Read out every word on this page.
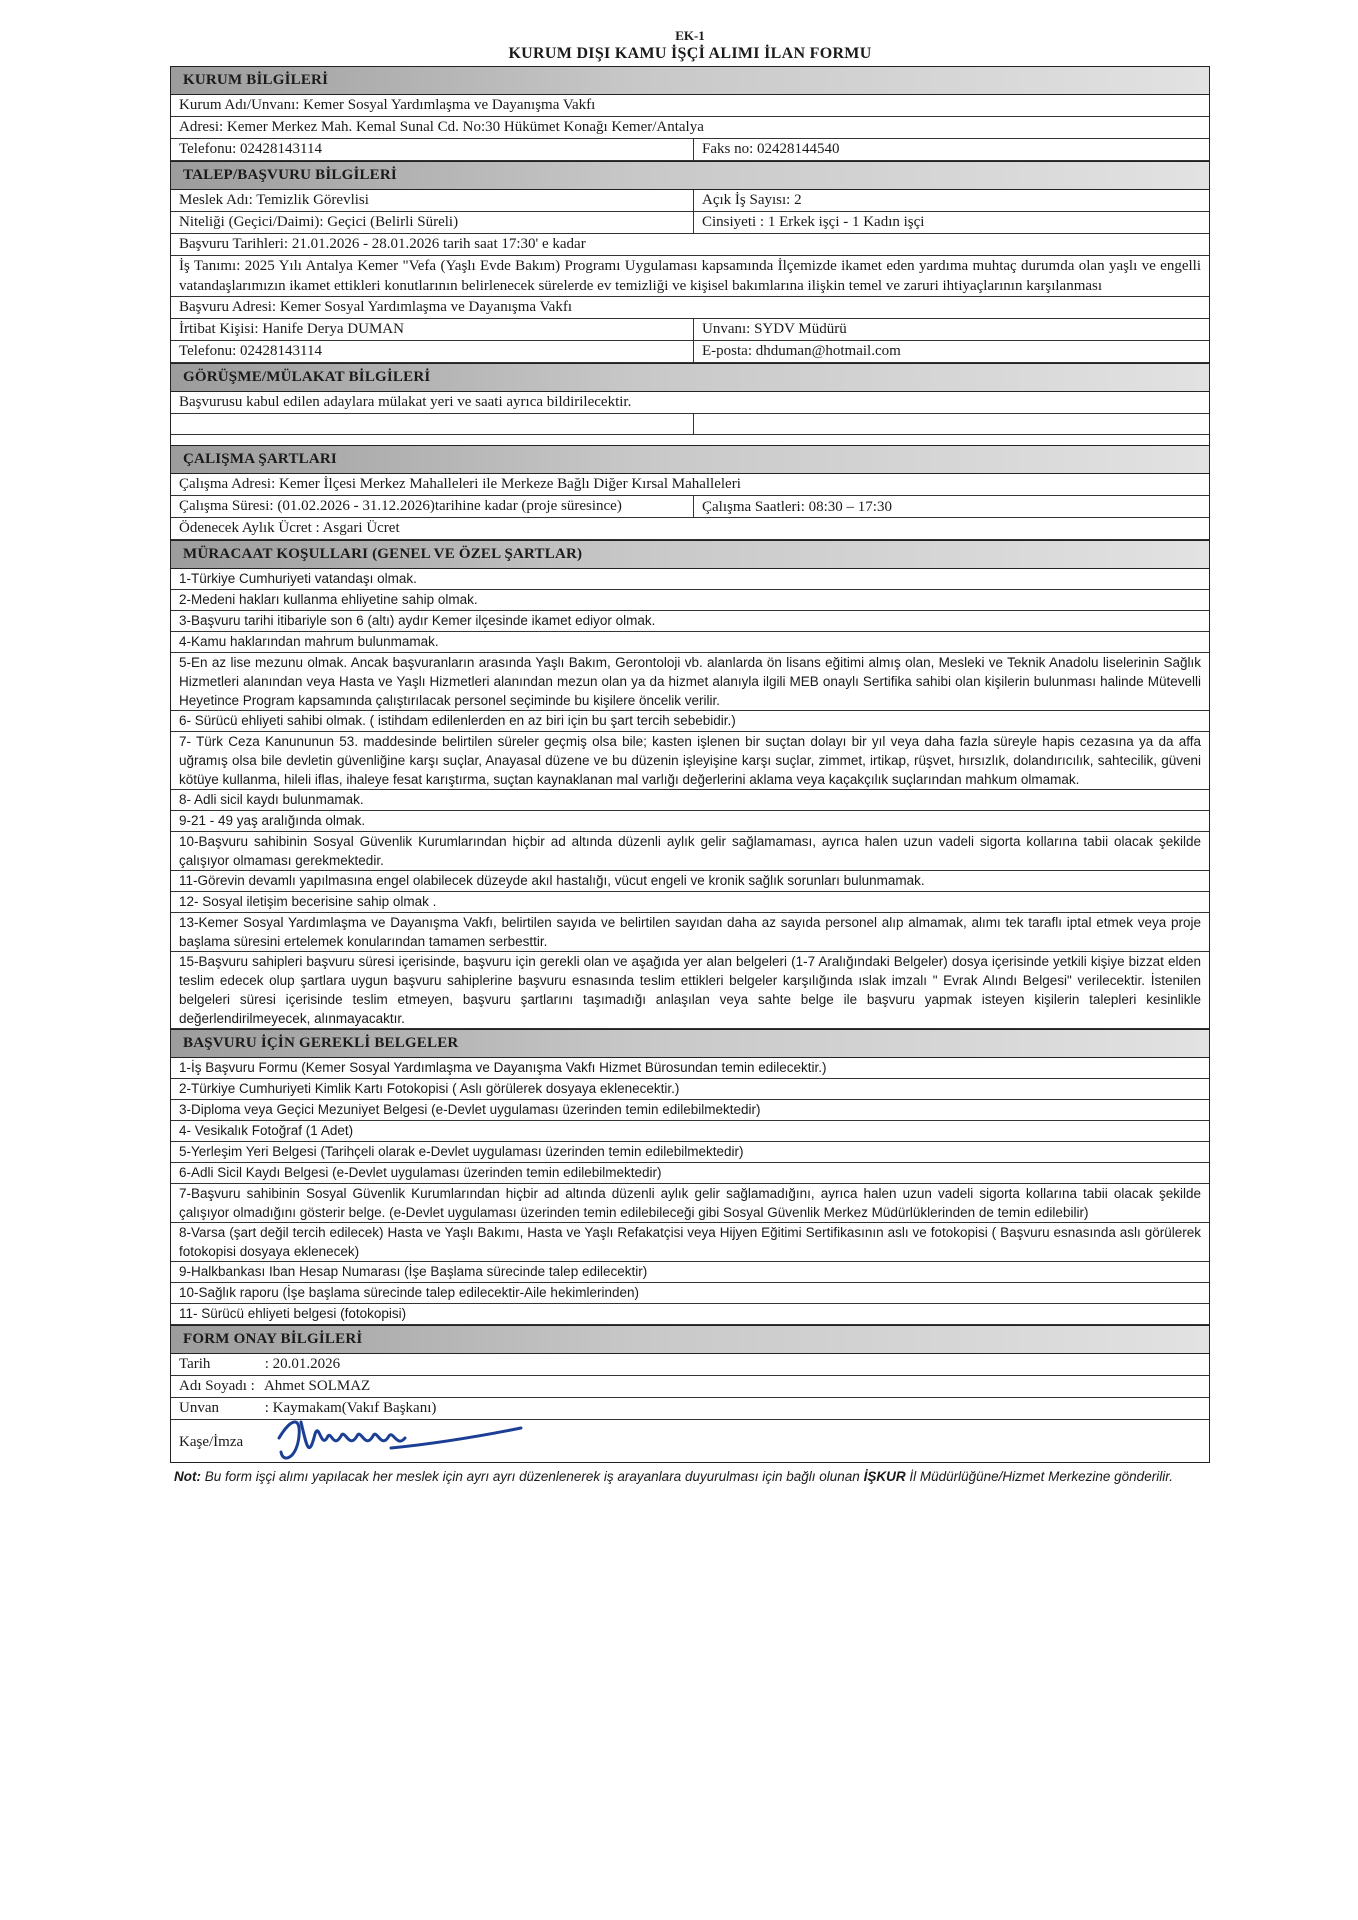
EK-1
KURUM DIŞI KAMU İŞÇİ ALIMI İLAN FORMU
KURUM BİLGİLERİ
Kurum Adı/Unvanı: Kemer Sosyal Yardımlaşma ve Dayanışma Vakfı
Adresi: Kemer Merkez Mah. Kemal Sunal Cd. No:30 Hükümet Konağı Kemer/Antalya
Telefonu: 02428143114	Faks no: 02428144540
TALEP/BAŞVURU BİLGİLERİ
Meslek Adı: Temizlik Görevlisi	Açık İş Sayısı: 2
Niteliği (Geçici/Daimi): Geçici (Belirli Süreli)	Cinsiyeti : 1 Erkek işçi - 1 Kadın işçi
Başvuru Tarihleri: 21.01.2026 - 28.01.2026 tarih saat 17:30' e kadar
İş Tanımı: 2025 Yılı Antalya Kemer "Vefa (Yaşlı Evde Bakım) Programı Uygulaması kapsamında İlçemizde ikamet eden yardıma muhtaç durumda olan yaşlı ve engelli vatandaşlarımızın ikamet ettikleri konutlarının belirlenecek sürelerde ev temizliği ve kişisel bakımlarına ilişkin temel ve zaruri ihtiyaçlarının karşılanması
Başvuru Adresi: Kemer Sosyal Yardımlaşma ve Dayanışma Vakfı
İrtibat Kişisi: Hanife Derya DUMAN	Unvanı: SYDV Müdürü
Telefonu: 02428143114	E-posta: dhduman@hotmail.com
GÖRÜŞME/MÜLAKAT BİLGİLERİ
Başvurusu kabul edilen adaylara mülakat yeri ve saati ayrıca bildirilecektir.
ÇALIŞMA ŞARTLARI
Çalışma Adresi: Kemer İlçesi Merkez Mahalleleri ile Merkeze Bağlı Diğer Kırsal Mahalleleri
Çalışma Süresi: (01.02.2026 - 31.12.2026)tarihine kadar (proje süresince)	Çalışma Saatleri: 08:30 – 17:30
Ödenecek Aylık Ücret : Asgari Ücret
MÜRACAAT KOŞULLARI (GENEL VE ÖZEL ŞARTLAR)
1-Türkiye Cumhuriyeti vatandaşı olmak.
2-Medeni hakları kullanma ehliyetine sahip olmak.
3-Başvuru tarihi itibariyle son 6 (altı) aydır Kemer ilçesinde ikamet ediyor olmak.
4-Kamu haklarından mahrum bulunmamak.
5-En az lise mezunu olmak. Ancak başvuranların arasında Yaşlı Bakım, Gerontoloji vb. alanlarda ön lisans eğitimi almış olan, Mesleki ve Teknik Anadolu liselerinin Sağlık Hizmetleri alanından veya Hasta ve Yaşlı Hizmetleri alanından mezun olan ya da hizmet alanıyla ilgili MEB onaylı Sertifika sahibi olan kişilerin bulunması halinde Mütevelli Heyetince Program kapsamında çalıştırılacak personel seçiminde bu kişilere öncelik verilir.
6- Sürücü ehliyeti sahibi olmak. ( istihdam edilenlerden en az biri için bu şart tercih sebebidir.)
7- Türk Ceza Kanununun 53. maddesinde belirtilen süreler geçmiş olsa bile; kasten işlenen bir suçtan dolayı bir yıl veya daha fazla süreyle hapis cezasına ya da affa uğramış olsa bile devletin güvenliğine karşı suçlar, Anayasal düzene ve bu düzenin işleyişine karşı suçlar, zimmet, irtikap, rüşvet, hırsızlık, dolandırıcılık, sahtecilik, güveni kötüye kullanma, hileli iflas, ihaleye fesat karıştırma, suçtan kaynaklanan mal varlığı değerlerini aklama veya kaçakçılık suçlarından mahkum olmamak.
8- Adli sicil kaydı bulunmamak.
9-21 - 49 yaş aralığında olmak.
10-Başvuru sahibinin Sosyal Güvenlik Kurumlarından hiçbir ad altında düzenli aylık gelir sağlamaması, ayrıca halen uzun vadeli sigorta kollarına tabii olacak şekilde çalışıyor olmaması gerekmektedir.
11-Görevin devamlı yapılmasına engel olabilecek düzeyde akıl hastalığı, vücut engeli ve kronik sağlık sorunları bulunmamak.
12- Sosyal iletişim becerisine sahip olmak .
13-Kemer Sosyal Yardımlaşma ve Dayanışma Vakfı, belirtilen sayıda ve belirtilen sayıdan daha az sayıda personel alıp almamak, alımı tek taraflı iptal etmek veya proje başlama süresini ertelemek konularından tamamen serbesttir.
15-Başvuru sahipleri başvuru süresi içerisinde, başvuru için gerekli olan ve aşağıda yer alan belgeleri (1-7 Aralığındaki Belgeler) dosya içerisinde yetkili kişiye bizzat elden teslim edecek olup şartlara uygun başvuru sahiplerine başvuru esnasında teslim ettikleri belgeler karşılığında ıslak imzalı " Evrak Alındı Belgesi" verilecektir. İstenilen belgeleri süresi içerisinde teslim etmeyen, başvuru şartlarını taşımadığı anlaşılan veya sahte belge ile başvuru yapmak isteyen kişilerin talepleri kesinlikle değerlendirilmeyecek, alınmayacaktır.
BAŞVURU İÇİN GEREKLİ BELGELER
1-İş Başvuru Formu (Kemer Sosyal Yardımlaşma ve Dayanışma Vakfı Hizmet Bürosundan temin edilecektir.)
2-Türkiye Cumhuriyeti Kimlik Kartı Fotokopisi ( Aslı görülerek dosyaya eklenecektir.)
3-Diploma veya Geçici Mezuniyet Belgesi (e-Devlet uygulaması üzerinden temin edilebilmektedir)
4- Vesikalık Fotoğraf (1 Adet)
5-Yerleşim Yeri Belgesi (Tarihçeli olarak e-Devlet uygulaması üzerinden temin edilebilmektedir)
6-Adli Sicil Kaydı Belgesi (e-Devlet uygulaması üzerinden temin edilebilmektedir)
7-Başvuru sahibinin Sosyal Güvenlik Kurumlarından hiçbir ad altında düzenli aylık gelir sağlamadığını, ayrıca halen uzun vadeli sigorta kollarına tabii olacak şekilde çalışıyor olmadığını gösterir belge. (e-Devlet uygulaması üzerinden temin edilebileceği gibi Sosyal Güvenlik Merkez Müdürlüklerinden de temin edilebilir)
8-Varsa (şart değil tercih edilecek) Hasta ve Yaşlı Bakımı, Hasta ve Yaşlı Refakatçisi veya Hijyen Eğitimi Sertifikasının aslı ve fotokopisi ( Başvuru esnasında aslı görülerek fotokopisi dosyaya eklenecek)
9-Halkbankası Iban Hesap Numarası (İşe Başlama sürecinde talep edilecektir)
10-Sağlık raporu (İşe başlama sürecinde talep edilecektir-Aile hekimlerinden)
11- Sürücü ehliyeti belgesi (fotokopisi)
FORM ONAY BİLGİLERİ
Tarih	: 20.01.2026
Adı Soyadı : Ahmet SOLMAZ
Unvan	: Kaymakam(Vakıf Başkanı)
Kaşe/İmza
Not: Bu form işçi alımı yapılacak her meslek için ayrı ayrı düzenlenerek iş arayanlara duyurulması için bağlı olunan İŞKUR İl Müdürlüğüne/Hizmet Merkezine gönderilir.
